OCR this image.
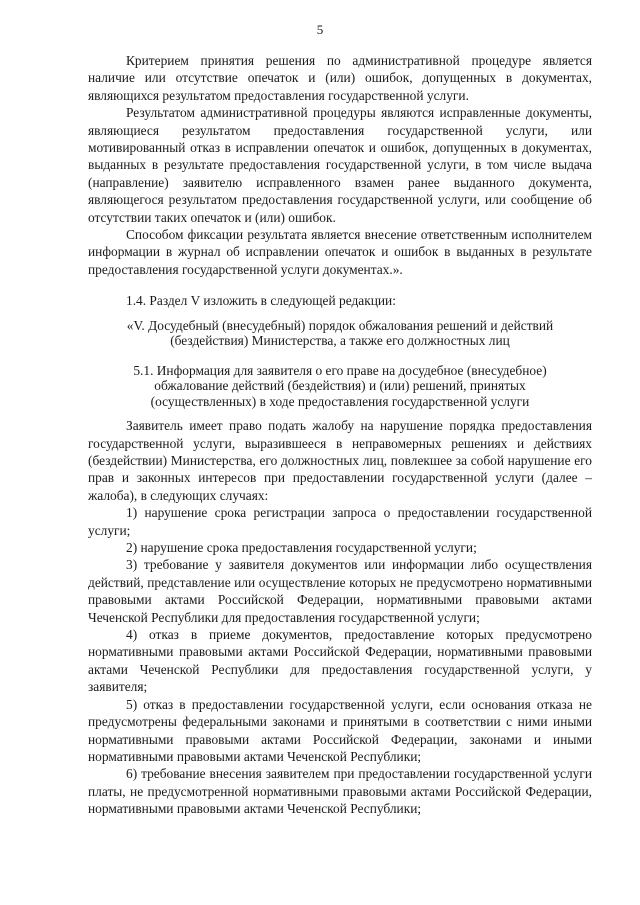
5

Критерием принятия решения по административной процедуре является наличие или отсутствие опечаток и (или) ошибок, допущенных в документах, являющихся результатом предоставления государственной услуги.

Результатом административной процедуры являются исправленные документы, являющиеся результатом предоставления государственной услуги, или мотивированный отказ в исправлении опечаток и ошибок, допущенных в документах, выданных в результате предоставления государственной услуги, в том числе выдача (направление) заявителю исправленного взамен ранее выданного документа, являющегося результатом предоставления государственной услуги, или сообщение об отсутствии таких опечаток и (или) ошибок.

Способом фиксации результата является внесение ответственным исполнителем информации в журнал об исправлении опечаток и ошибок в выданных в результате предоставления государственной услуги документах.».

1.4. Раздел V изложить в следующей редакции:

«V. Досудебный (внесудебный) порядок обжалования решений и действий

(бездействия) Министерства, а также его должностных лиц

5.1. Информация для заявителя о его праве на досудебное (внесудебное)

обжалование действий (бездействия) и (или) решений, принятых

(осуществленных) в ходе предоставления государственной услуги

Заявитель имеет право подать жалобу на нарушение порядка предоставления государственной услуги, выразившееся в неправомерных решениях и действиях (бездействии) Министерства, его должностных лиц, повлекшее за собой нарушение его прав и законных интересов при предоставлении государственной услуги (далее – жалоба), в следующих случаях:

1) нарушение срока регистрации запроса о предоставлении государственной услуги;

2) нарушение срока предоставления государственной услуги;

3) требование у заявителя документов или информации либо осуществления действий, представление или осуществление которых не предусмотрено нормативными правовыми актами Российской Федерации, нормативными правовыми актами Чеченской Республики для предоставления государственной услуги;

4) отказ в приеме документов, предоставление которых предусмотрено нормативными правовыми актами Российской Федерации, нормативными правовыми актами Чеченской Республики для предоставления государственной услуги, у заявителя;

5) отказ в предоставлении государственной услуги, если основания отказа не предусмотрены федеральными законами и принятыми в соответствии с ними иными нормативными правовыми актами Российской Федерации, законами и иными нормативными правовыми актами Чеченской Республики;

6) требование внесения заявителем при предоставлении государственной услуги платы, не предусмотренной нормативными правовыми актами Российской Федерации, нормативными правовыми актами Чеченской Республики;
